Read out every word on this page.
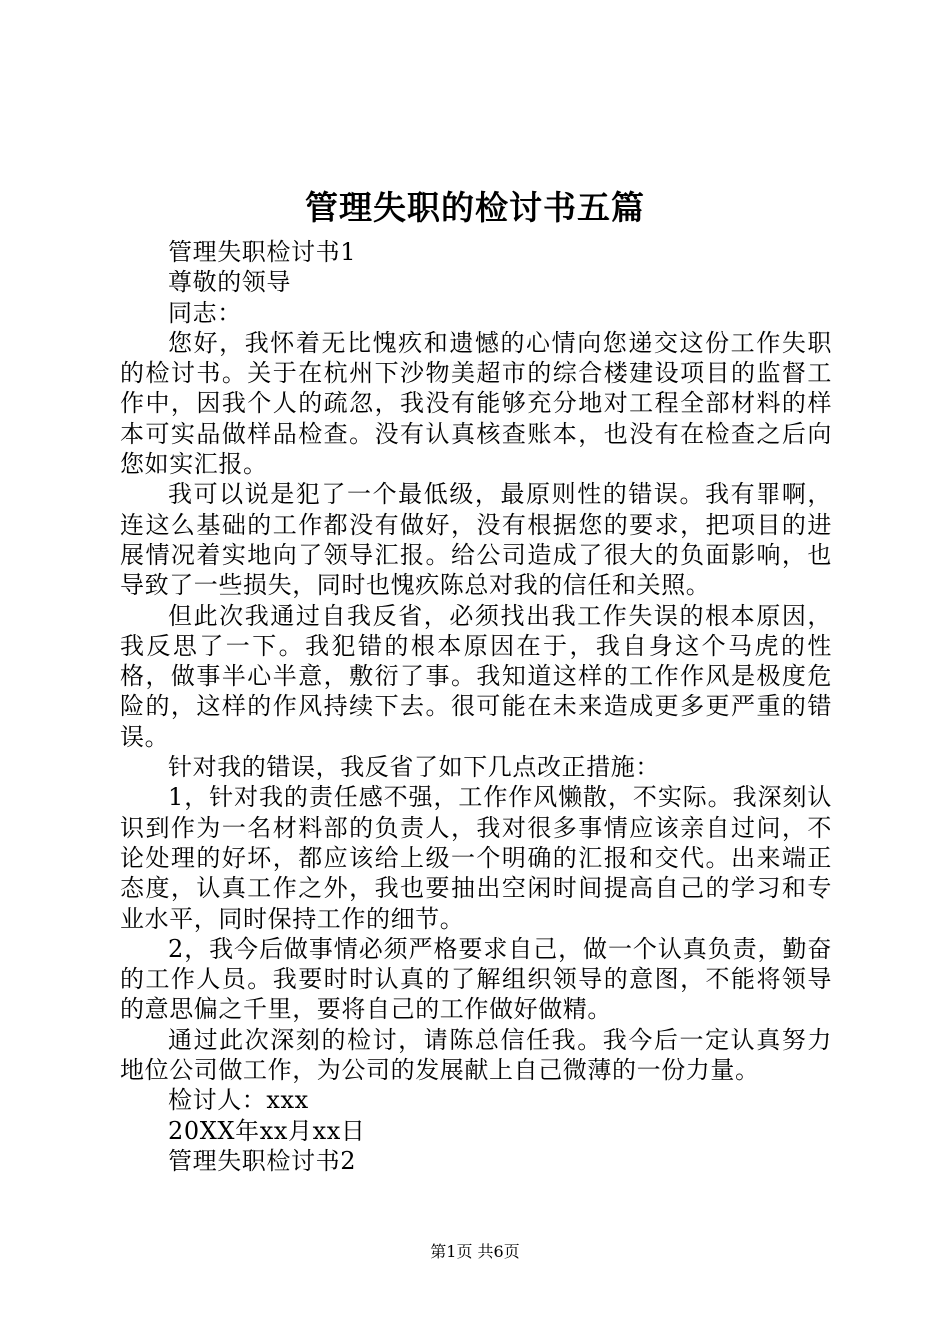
管理失职的检讨书五篇

管理失职检讨书1

尊敬的领导

同志：

您好，我怀着无比愧疚和遗憾的心情向您递交这份工作失职的检讨书。关于在杭州下沙物美超市的综合楼建设项目的监督工作中，因我个人的疏忽，我没有能够充分地对工程全部材料的样本可实品做样品检查。没有认真核查账本，也没有在检查之后向您如实汇报。

我可以说是犯了一个最低级，最原则性的错误。我有罪啊，连这么基础的工作都没有做好，没有根据您的要求，把项目的进展情况着实地向了领导汇报。给公司造成了很大的负面影响，也导致了一些损失，同时也愧疚陈总对我的信任和关照。

但此次我通过自我反省，必须找出我工作失误的根本原因，我反思了一下。我犯错的根本原因在于，我自身这个马虎的性格，做事半心半意，敷衍了事。我知道这样的工作作风是极度危险的，这样的作风持续下去。很可能在未来造成更多更严重的错误。

针对我的错误，我反省了如下几点改正措施：

1，针对我的责任感不强，工作作风懒散，不实际。我深刻认识到作为一名材料部的负责人，我对很多事情应该亲自过问，不论处理的好坏，都应该给上级一个明确的汇报和交代。出来端正态度，认真工作之外，我也要抽出空闲时间提高自己的学习和专业水平，同时保持工作的细节。

2，我今后做事情必须严格要求自己，做一个认真负责，勤奋的工作人员。我要时时认真的了解组织领导的意图，不能将领导的意思偏之千里，要将自己的工作做好做精。

通过此次深刻的检讨，请陈总信任我。我今后一定认真努力地位公司做工作，为公司的发展献上自己微薄的一份力量。

检讨人：xxx

20XX年xx月xx日

管理失职检讨书2

第1页 共6页
